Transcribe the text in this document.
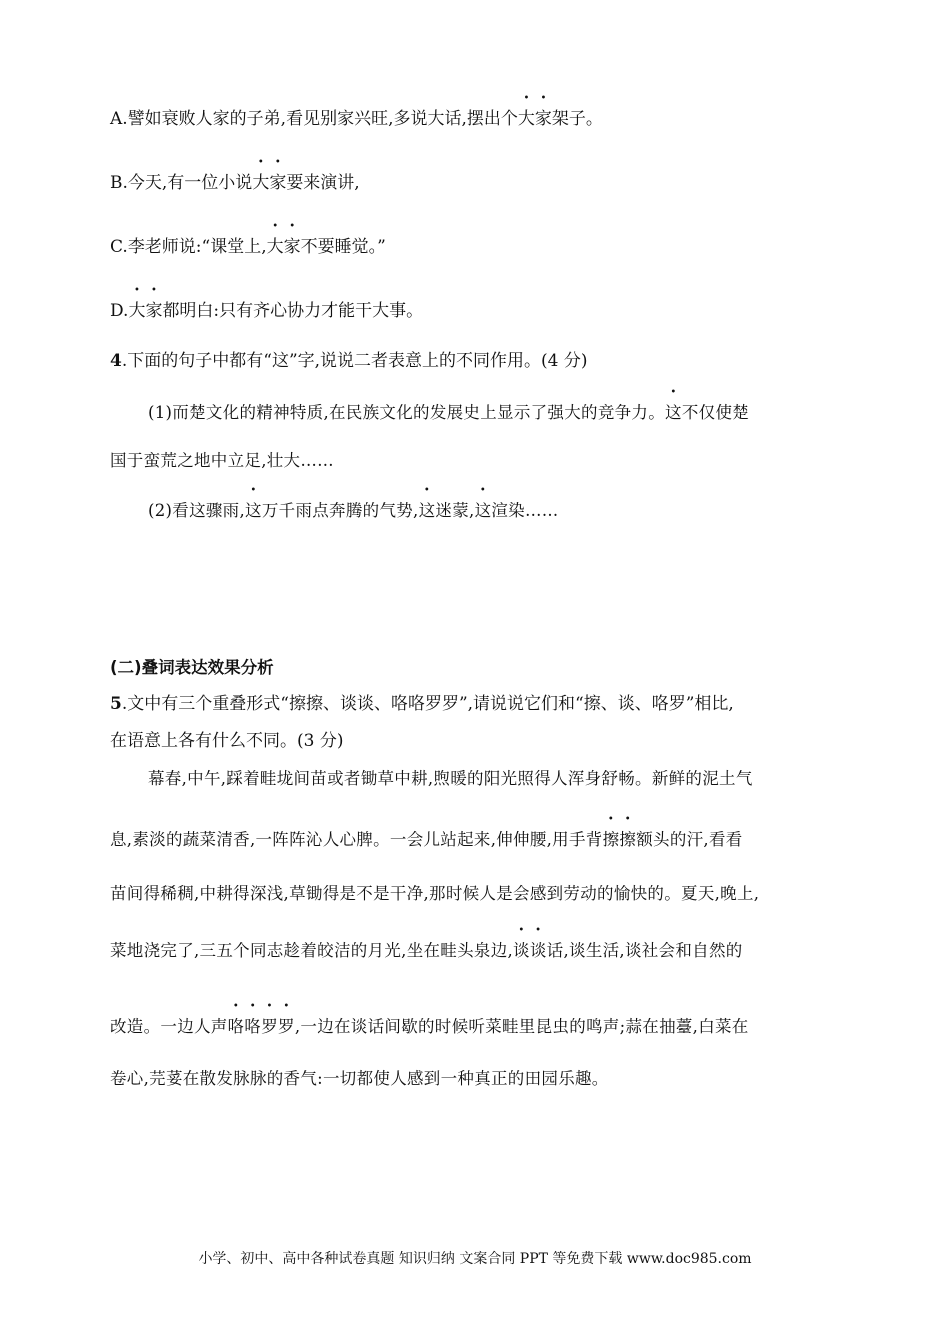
A.譬如衰败人家的子弟,看见别家兴旺,多说大话,摆出个大家架子。
B.今天,有一位小说大家要来演讲,
C.李老师说:“课堂上,大家不要睡觉。”
D.大家都明白:只有齐心协力才能干大事。
4.下面的句子中都有“这”字,说说二者表意上的不同作用。(4 分)
(1)而楚文化的精神特质,在民族文化的发展史上显示了强大的竞争力。这不仅使楚
国于蛮荒之地中立足,壮大……
(2)看这骤雨,这万千雨点奔腾的气势,这迷蒙,这渲染……
(二)叠词表达效果分析
5.文中有三个重叠形式“擦擦、谈谈、咯咯罗罗”,请说说它们和“擦、谈、咯罗”相比,
在语意上各有什么不同。(3 分)
幕春,中午,踩着畦垅间苗或者锄草中耕,煦暖的阳光照得人浑身舒畅。新鲜的泥土气
息,素淡的蔬菜清香,一阵阵沁人心脾。一会儿站起来,伸伸腰,用手背擦擦额头的汗,看看
苗间得稀稠,中耕得深浅,草锄得是不是干净,那时候人是会感到劳动的愉快的。夏天,晚上,
菜地浇完了,三五个同志趁着皎洁的月光,坐在畦头泉边,谈谈话,谈生活,谈社会和自然的
改造。一边人声咯咯罗罗,一边在谈话间歇的时候听菜畦里昆虫的鸣声;蒜在抽薹,白菜在
卷心,芫荽在散发脉脉的香气:一切都使人感到一种真正的田园乐趣。
小学、初中、高中各种试卷真题 知识归纳 文案合同 PPT 等免费下载 www.doc985.com
